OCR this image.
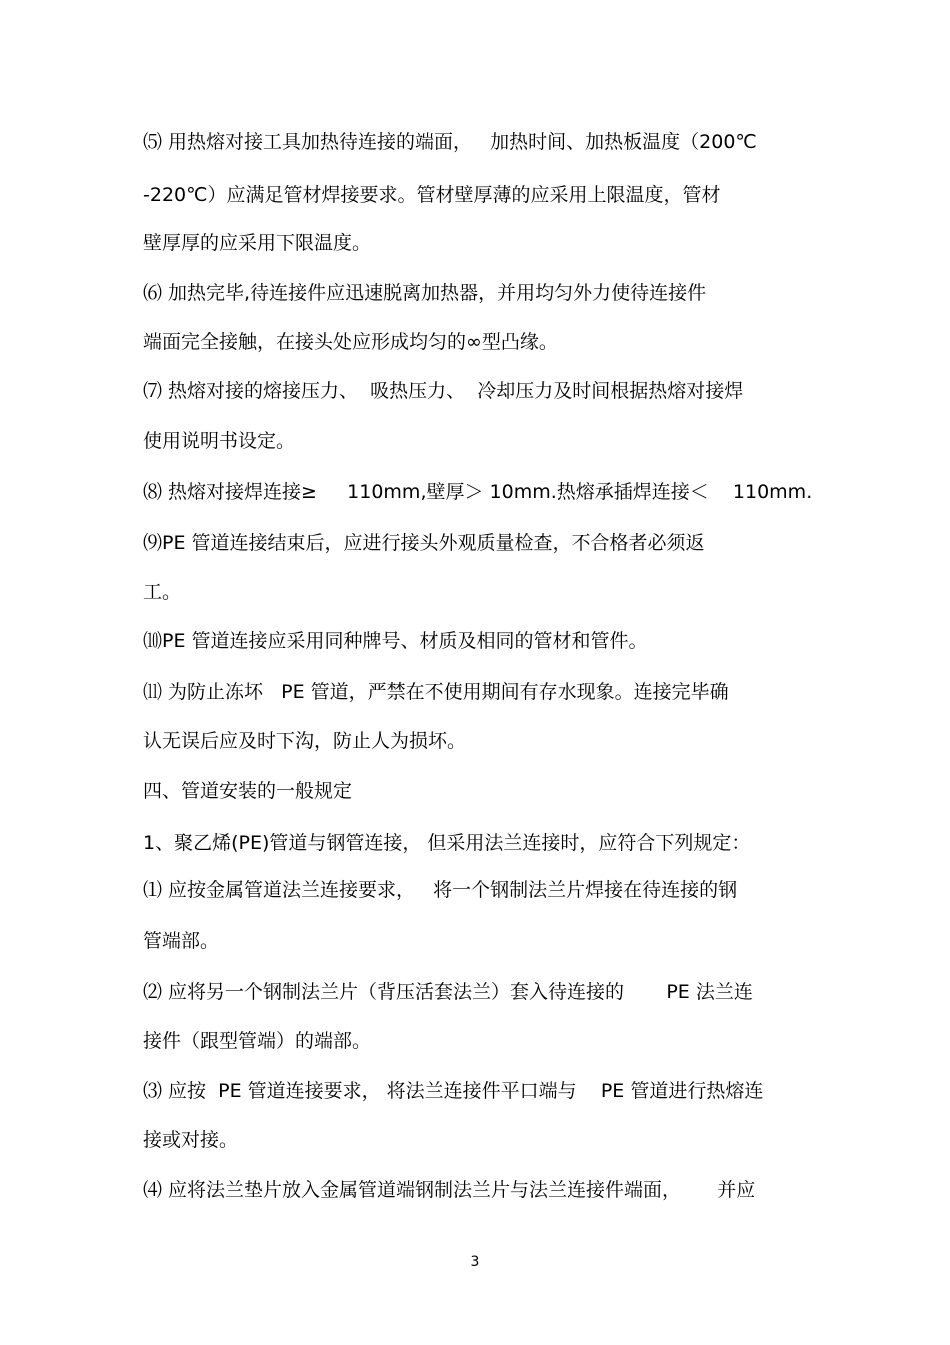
⑸ 用热熔对接工具加热待连接的端面，   加热时间、加热板温度（200℃
-220℃）应满足管材焊接要求。管材壁厚薄的应采用上限温度，管材
壁厚厚的应采用下限温度。
⑹ 加热完毕,待连接件应迅速脱离加热器，并用均匀外力使待连接件
端面完全接触，在接头处应形成均匀的∞型凸缘。
⑺ 热熔对接的熔接压力、  吸热压力、  冷却压力及时间根据热熔对接焊
使用说明书设定。
⑻ 热熔对接焊连接≥     110mm,壁厚＞ 10mm.热熔承插焊连接＜    110mm.
⑼PE 管道连接结束后，应进行接头外观质量检查，不合格者必须返
工。
⑽PE 管道连接应采用同种牌号、材质及相同的管材和管件。
⑾ 为防止冻坏   PE 管道，严禁在不使用期间有存水现象。连接完毕确
认无误后应及时下沟，防止人为损坏。
四、管道安装的一般规定
1、聚乙烯(PE)管道与钢管连接， 但采用法兰连接时，应符合下列规定：
⑴ 应按金属管道法兰连接要求，   将一个钢制法兰片焊接在待连接的钢
管端部。
⑵ 应将另一个钢制法兰片（背压活套法兰）套入待连接的       PE 法兰连
接件（跟型管端）的端部。
⑶ 应按  PE 管道连接要求， 将法兰连接件平口端与    PE 管道进行热熔连
接或对接。
⑷ 应将法兰垫片放入金属管道端钢制法兰片与法兰连接件端面，      并应
3
